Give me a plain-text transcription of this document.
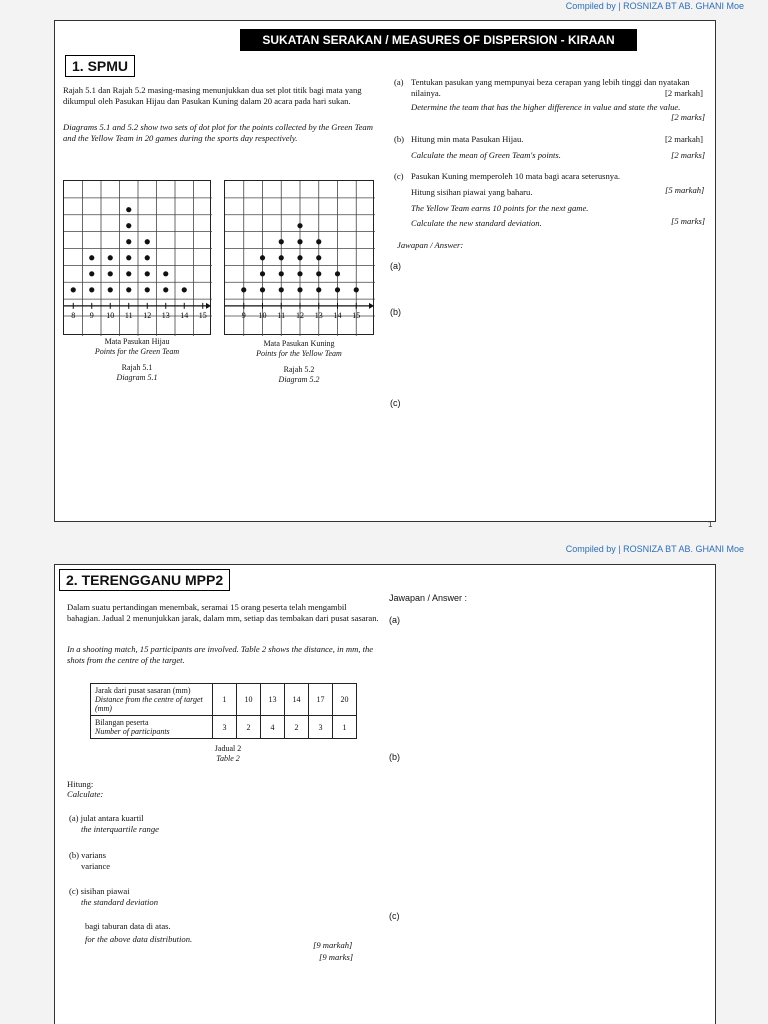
Compiled by | ROSNIZA BT AB. GHANI Moe
SUKATAN SERAKAN / MEASURES OF DISPERSION - KIRAAN
1. SPMU
Rajah 5.1 dan Rajah 5.2 masing-masing menunjukkan dua set plot titik bagi mata yang dikumpul oleh Pasukan Hijau dan Pasukan Kuning dalam 20 acara pada hari sukan.
Diagrams 5.1 and 5.2 show two sets of dot plot for the points collected by the Green Team and the Yellow Team in 20 games during the sports day respectively.
8 9 10 11 12 13 14 15
Mata Pasukan Hijau
Points for the Green Team
Rajah 5.1
Diagram 5.1
9 10 11 12 13 14 15
Mata Pasukan Kuning
Points for the Yellow Team
Rajah 5.2
Diagram 5.2
(a) Tentukan pasukan yang mempunyai beza cerapan yang lebih tinggi dan nyatakan nilainya.	[2 markah]
Determine the team that has the higher difference in value and state the value.
[2 marks]
(b) Hitung min mata Pasukan Hijau.	[2 markah]
Calculate the mean of Green Team's points.	[2 marks]
(c) Pasukan Kuning memperoleh 10 mata bagi acara seterusnya.
Hitung sisihan piawai yang baharu.	[5 markah]
The Yellow Team earns 10 points for the next game.
Calculate the new standard deviation.	[5 marks]
Jawapan / Answer:
(a)
(b)
(c)
1
Compiled by | ROSNIZA BT AB. GHANI Moe
2. TERENGGANU MPP2
Dalam suatu pertandingan menembak, seramai 15 orang peserta telah mengambil bahagian. Jadual 2 menunjukkan jarak, dalam mm, setiap das tembakan dari pusat sasaran.
In a shooting match, 15 participants are involved. Table 2 shows the distance, in mm, the shots from the centre of the target.
Jarak dari pusat sasaran (mm)
Distance from the centre of target (mm)	1	10	13	14	17	20

Bilangan peserta
Number of participants	3	2	4	2	3	1
Jadual 2
Table 2
Hitung:
Calculate:
(a) julat antara kuartil
the interquartile range
(b) varians
variance
(c) sisihan piawai
the standard deviation
bagi taburan data di atas.
for the above data distribution.
[9 markah]
[9 marks]
Jawapan / Answer :
(a)
(b)
(c)
